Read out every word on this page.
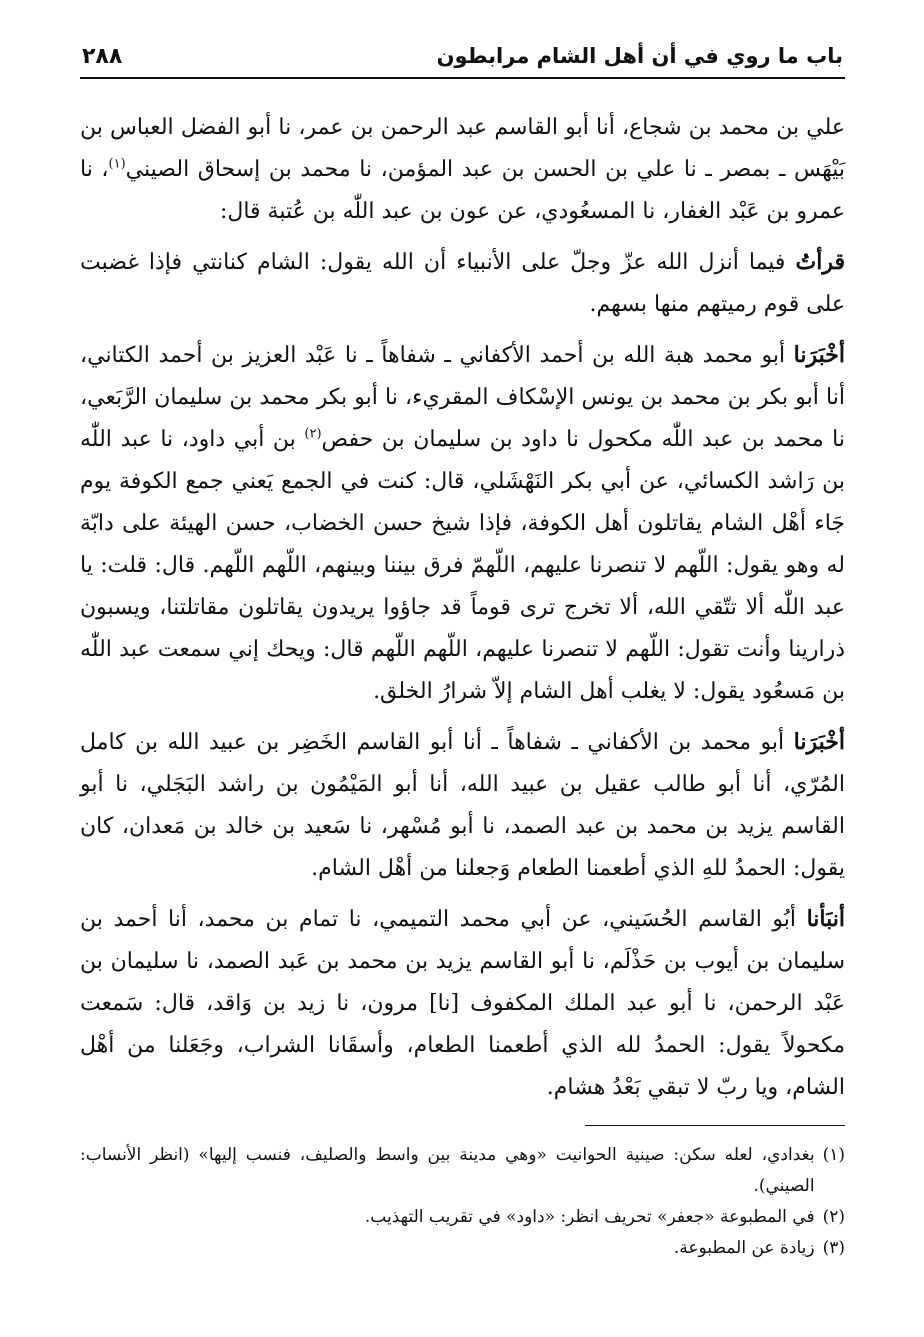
باب ما روي في أن أهل الشام مرابطون
٢٨٨

علي بن محمد بن شجاع، أنا أبو القاسم عبد الرحمن بن عمر، نا أبو الفضل العباس بن بَيْهَس ـ بمصر ـ نا علي بن الحسن بن عبد المؤمن، نا محمد بن إسحاق الصيني$^{(١)}$، نا عمرو بن عَبْد الغفار، نا المسعُودي، عن عون بن عبد اللّٰه بن عُتبة قال:

قرأتُ فيما أنزل الله عزّ وجلّ على الأنبياء أن الله يقول: الشام كنانتي فإذا غضبت على قوم رميتهم منها بسهم.

أخْبَرَنا أبو محمد هبة الله بن أحمد الأكفاني ـ شفاهاً ـ نا عَبْد العزيز بن أحمد الكتاني، أنا أبو بكر بن محمد بن يونس الإسْكاف المقريء، نا أبو بكر محمد بن سليمان الرَّبَعي، نا محمد بن عبد اللّٰه مكحول نا داود بن سليمان بن حفص$^{(٢)}$ بن أبي داود، نا عبد اللّٰه بن رَاشد الكسائي، عن أبي بكر النَهْشَلي، قال: كنت في الجمع يَعني جمع الكوفة يوم جَاء أهْل الشام يقاتلون أهل الكوفة، فإذا شيخ حسن الخضاب، حسن الهيئة على دابّة له وهو يقول: اللّهم لا تنصرنا عليهم، اللّهمّ فرق بيننا وبينهم، اللّهم اللّهم. قال: قلت: يا عبد اللّٰه ألا تتّقي الله، ألا تخرج ترى قوماً قد جاؤوا يريدون يقاتلون مقاتلتنا، ويسبون ذرارينا وأنت تقول: اللّهم لا تنصرنا عليهم، اللّهم اللّهم قال: ويحك إني سمعت عبد اللّٰه بن مَسعُود يقول: لا يغلب أهل الشام إلاّ شرارُ الخلق.

أخْبَرَنا أبو محمد بن الأكفاني ـ شفاهاً ـ أنا أبو القاسم الخَضِر بن عبيد الله بن كامل المُرّي، أنا أبو طالب عقيل بن عبيد الله، أنا أبو المَيْمُون بن راشد البَجَلي، نا أبو القاسم يزيد بن محمد بن عبد الصمد، نا أبو مُسْهر، نا سَعيد بن خالد بن مَعدان، كان يقول: الحمدُ للهِ الذي أطعمنا الطعام وَجعلنا من أهْل الشام.

أنبَأنا أبُو القاسم الحُسَيني، عن أبي محمد التميمي، نا تمام بن محمد، أنا أحمد بن سليمان بن أيوب بن حَذْلَم، نا أبو القاسم يزيد بن محمد بن عَبد الصمد، نا سليمان بن عَبْد الرحمن، نا أبو عبد الملك المكفوف [نا] مرون، نا زيد بن وَاقد، قال: سَمعت مكحولاً يقول: الحمدُ لله الذي أطعمنا الطعام، وأسقَانا الشراب، وجَعَلنا من أهْل الشام، ويا ربّ لا تبقي بَعْدُ هشام.

(١)
بغدادي، لعله سكن: صينية الحوانيت «وهي مدينة بين واسط والصليف، فنسب إليها» (انظر الأنساب: الصيني).
(٢)
في المطبوعة «جعفر» تحريف انظر: «داود» في تقريب التهذيب.
(٣)
زيادة عن المطبوعة.
